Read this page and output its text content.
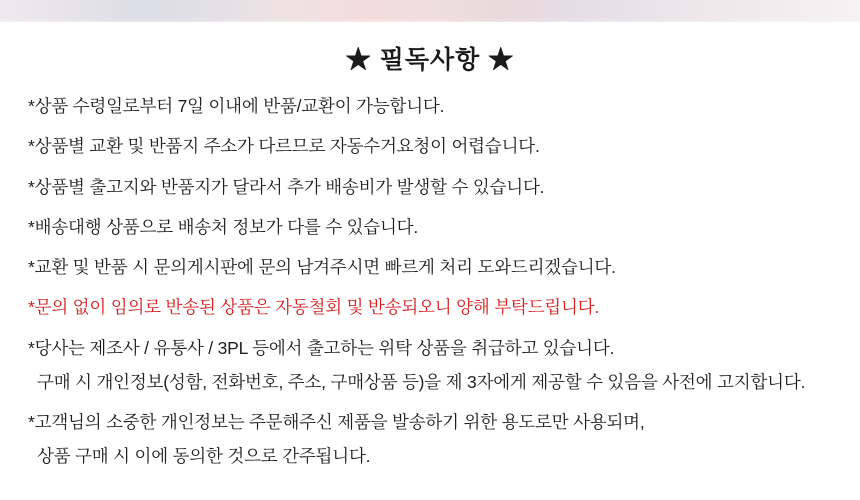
★ 필독사항 ★

*상품 수령일로부터 7일 이내에 반품/교환이 가능합니다.

*상품별 교환 및 반품지 주소가 다르므로 자동수거요청이 어렵습니다.

*상품별 출고지와 반품지가 달라서 추가 배송비가 발생할 수 있습니다.

*배송대행 상품으로 배송처 정보가 다를 수 있습니다.

*교환 및 반품 시 문의게시판에 문의 남겨주시면 빠르게 처리 도와드리겠습니다.

*문의 없이 임의로 반송된 상품은 자동철회 및 반송되오니 양해 부탁드립니다.

*당사는 제조사 / 유통사 / 3PL 등에서 출고하는 위탁 상품을 취급하고 있습니다.

구매 시 개인정보(성함, 전화번호, 주소, 구매상품 등)을 제 3자에게 제공할 수 있음을 사전에 고지합니다.

*고객님의 소중한 개인정보는 주문해주신 제품을 발송하기 위한 용도로만 사용되며,

상품 구매 시 이에 동의한 것으로 간주됩니다.
